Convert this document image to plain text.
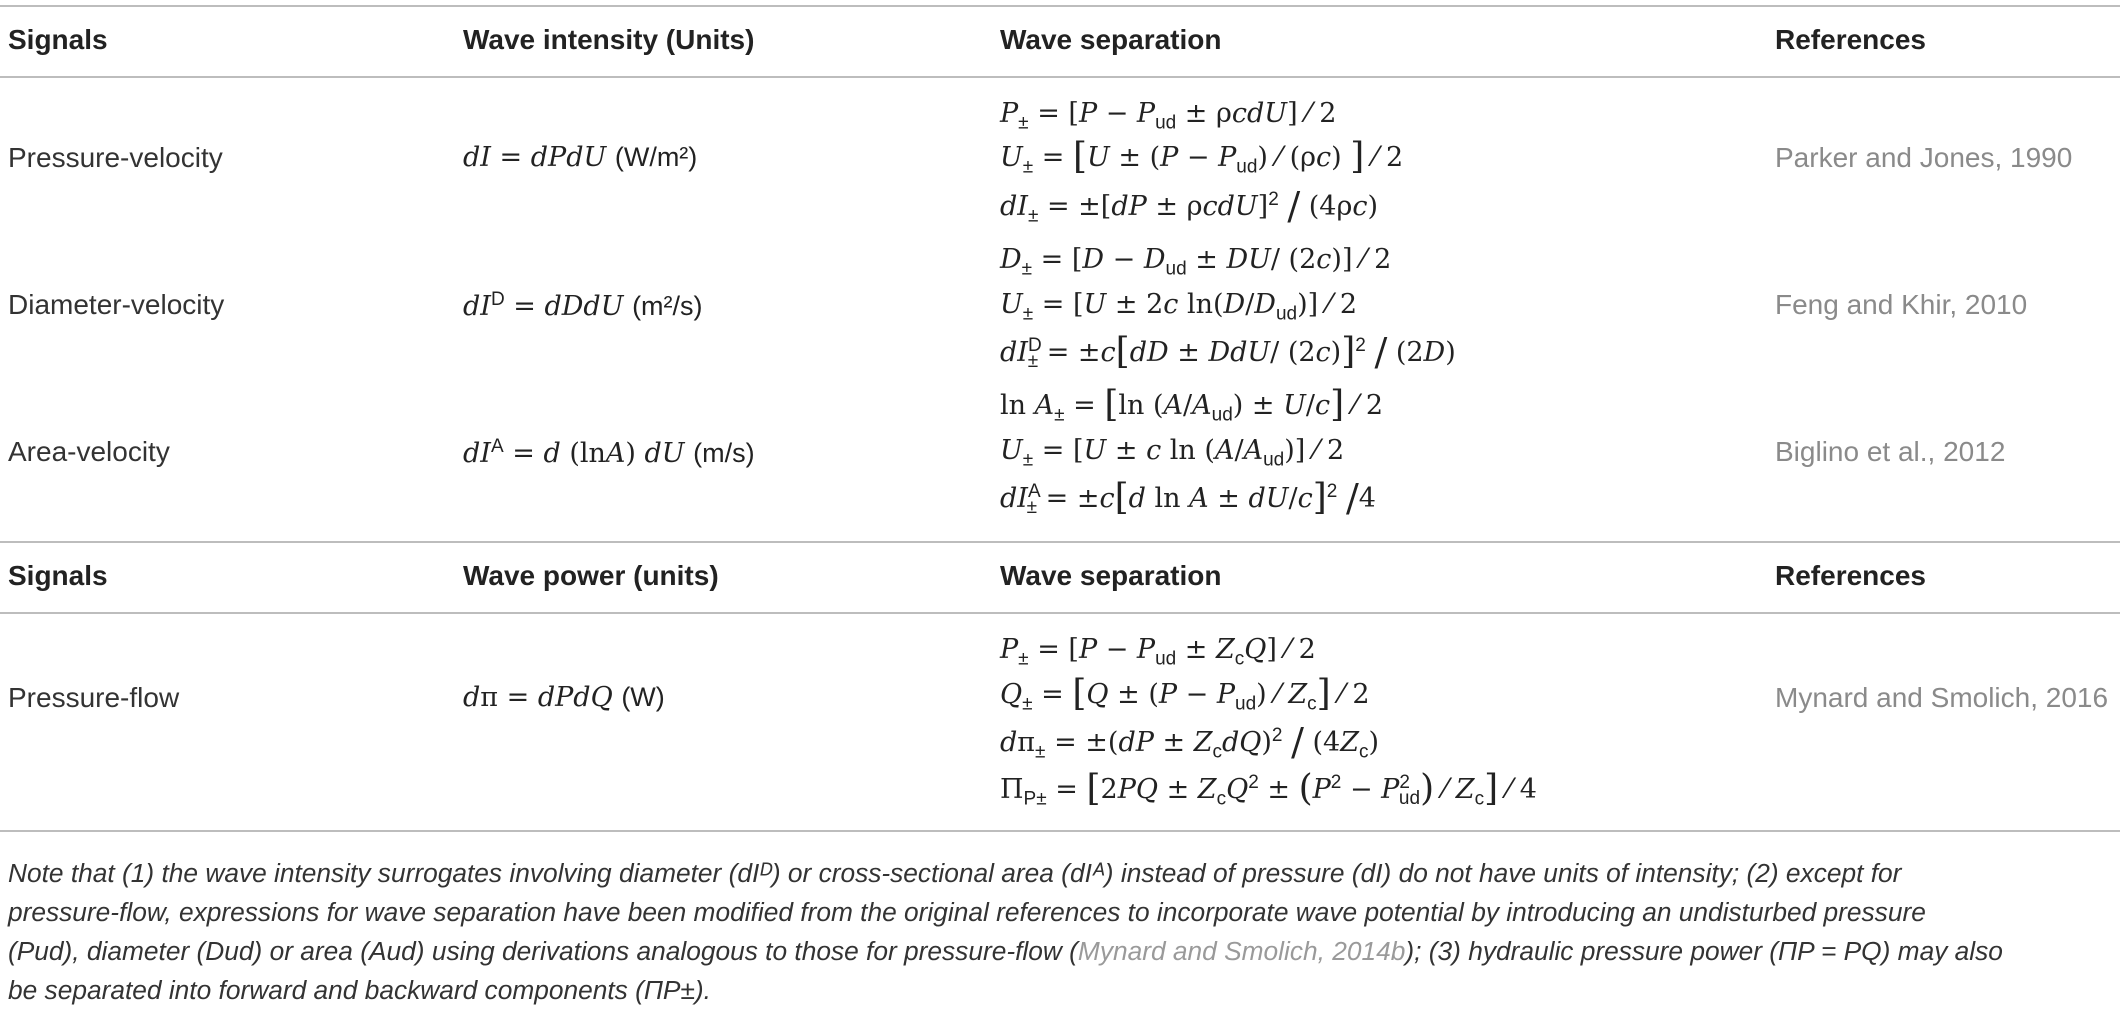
Signals	Wave intensity (Units)	Wave separation	References
Pressure-velocity	dI = dPdU (W/m²)
$P_\pm = [P - P_{ud} \pm \rho cdU]$ ⁄ 2
$U_\pm = [U \pm (P - P_{ud})$ ⁄ (ρc) ] ⁄ 2
$dI_\pm = \pm[dP \pm \rho cdU]^2 / (4\rho c)$
Parker and Jones, 1990
Diameter-velocity	$dI^D$ = dDdU (m²/s)
$D_\pm = [D - D_{ud} \pm DU/$ (2c)] ⁄ 2
$U_\pm = [U \pm 2c$ $\ln(D/D_{ud})$] ⁄ 2
$dI^D_\pm = \pm c[dD \pm DdU/$ (2c)]$^2$ / (2D)
Feng and Khir, 2010
Area-velocity	$dI^A = d$ (lnA) dU (m/s)
$\ln A_\pm = [\ln$ $(A/A_{ud}) \pm U/c$] ⁄ 2
$U_\pm = [U \pm c$ $\ln (A/A_{ud})$] ⁄ 2
$dI^A_\pm = \pm c[d$ ln A ± dU/c]$^2$ /4
Biglino et al., 2012
Signals	Wave power (units)	Wave separation	References
Pressure-flow	dπ = dPdQ (W)
$P_\pm = [P - P_{ud} \pm Z_cQ]$ ⁄ 2
$Q_\pm = [Q \pm (P - P_{ud})$ ⁄ $Z_c$] ⁄ 2
$d\pi_\pm = \pm(dP \pm Z_cdQ)^2 / (4Z_c)$
$\Pi_{P\pm} = [2PQ \pm Z_cQ^2 \pm (P^2 - P^2_{ud})$ ⁄ $Z_c$] ⁄ 4
Mynard and Smolich, 2016
Note that (1) the wave intensity surrogates involving diameter (dIᴰ) or cross-sectional area (dIᴬ) instead of pressure (dI) do not have units of intensity; (2) except for
pressure-flow, expressions for wave separation have been modified from the original references to incorporate wave potential by introducing an undisturbed pressure
(Pud), diameter (Dud) or area (Aud) using derivations analogous to those for pressure-flow (Mynard and Smolich, 2014b); (3) hydraulic pressure power (ΠP = PQ) may also
be separated into forward and backward components (ΠP±).
